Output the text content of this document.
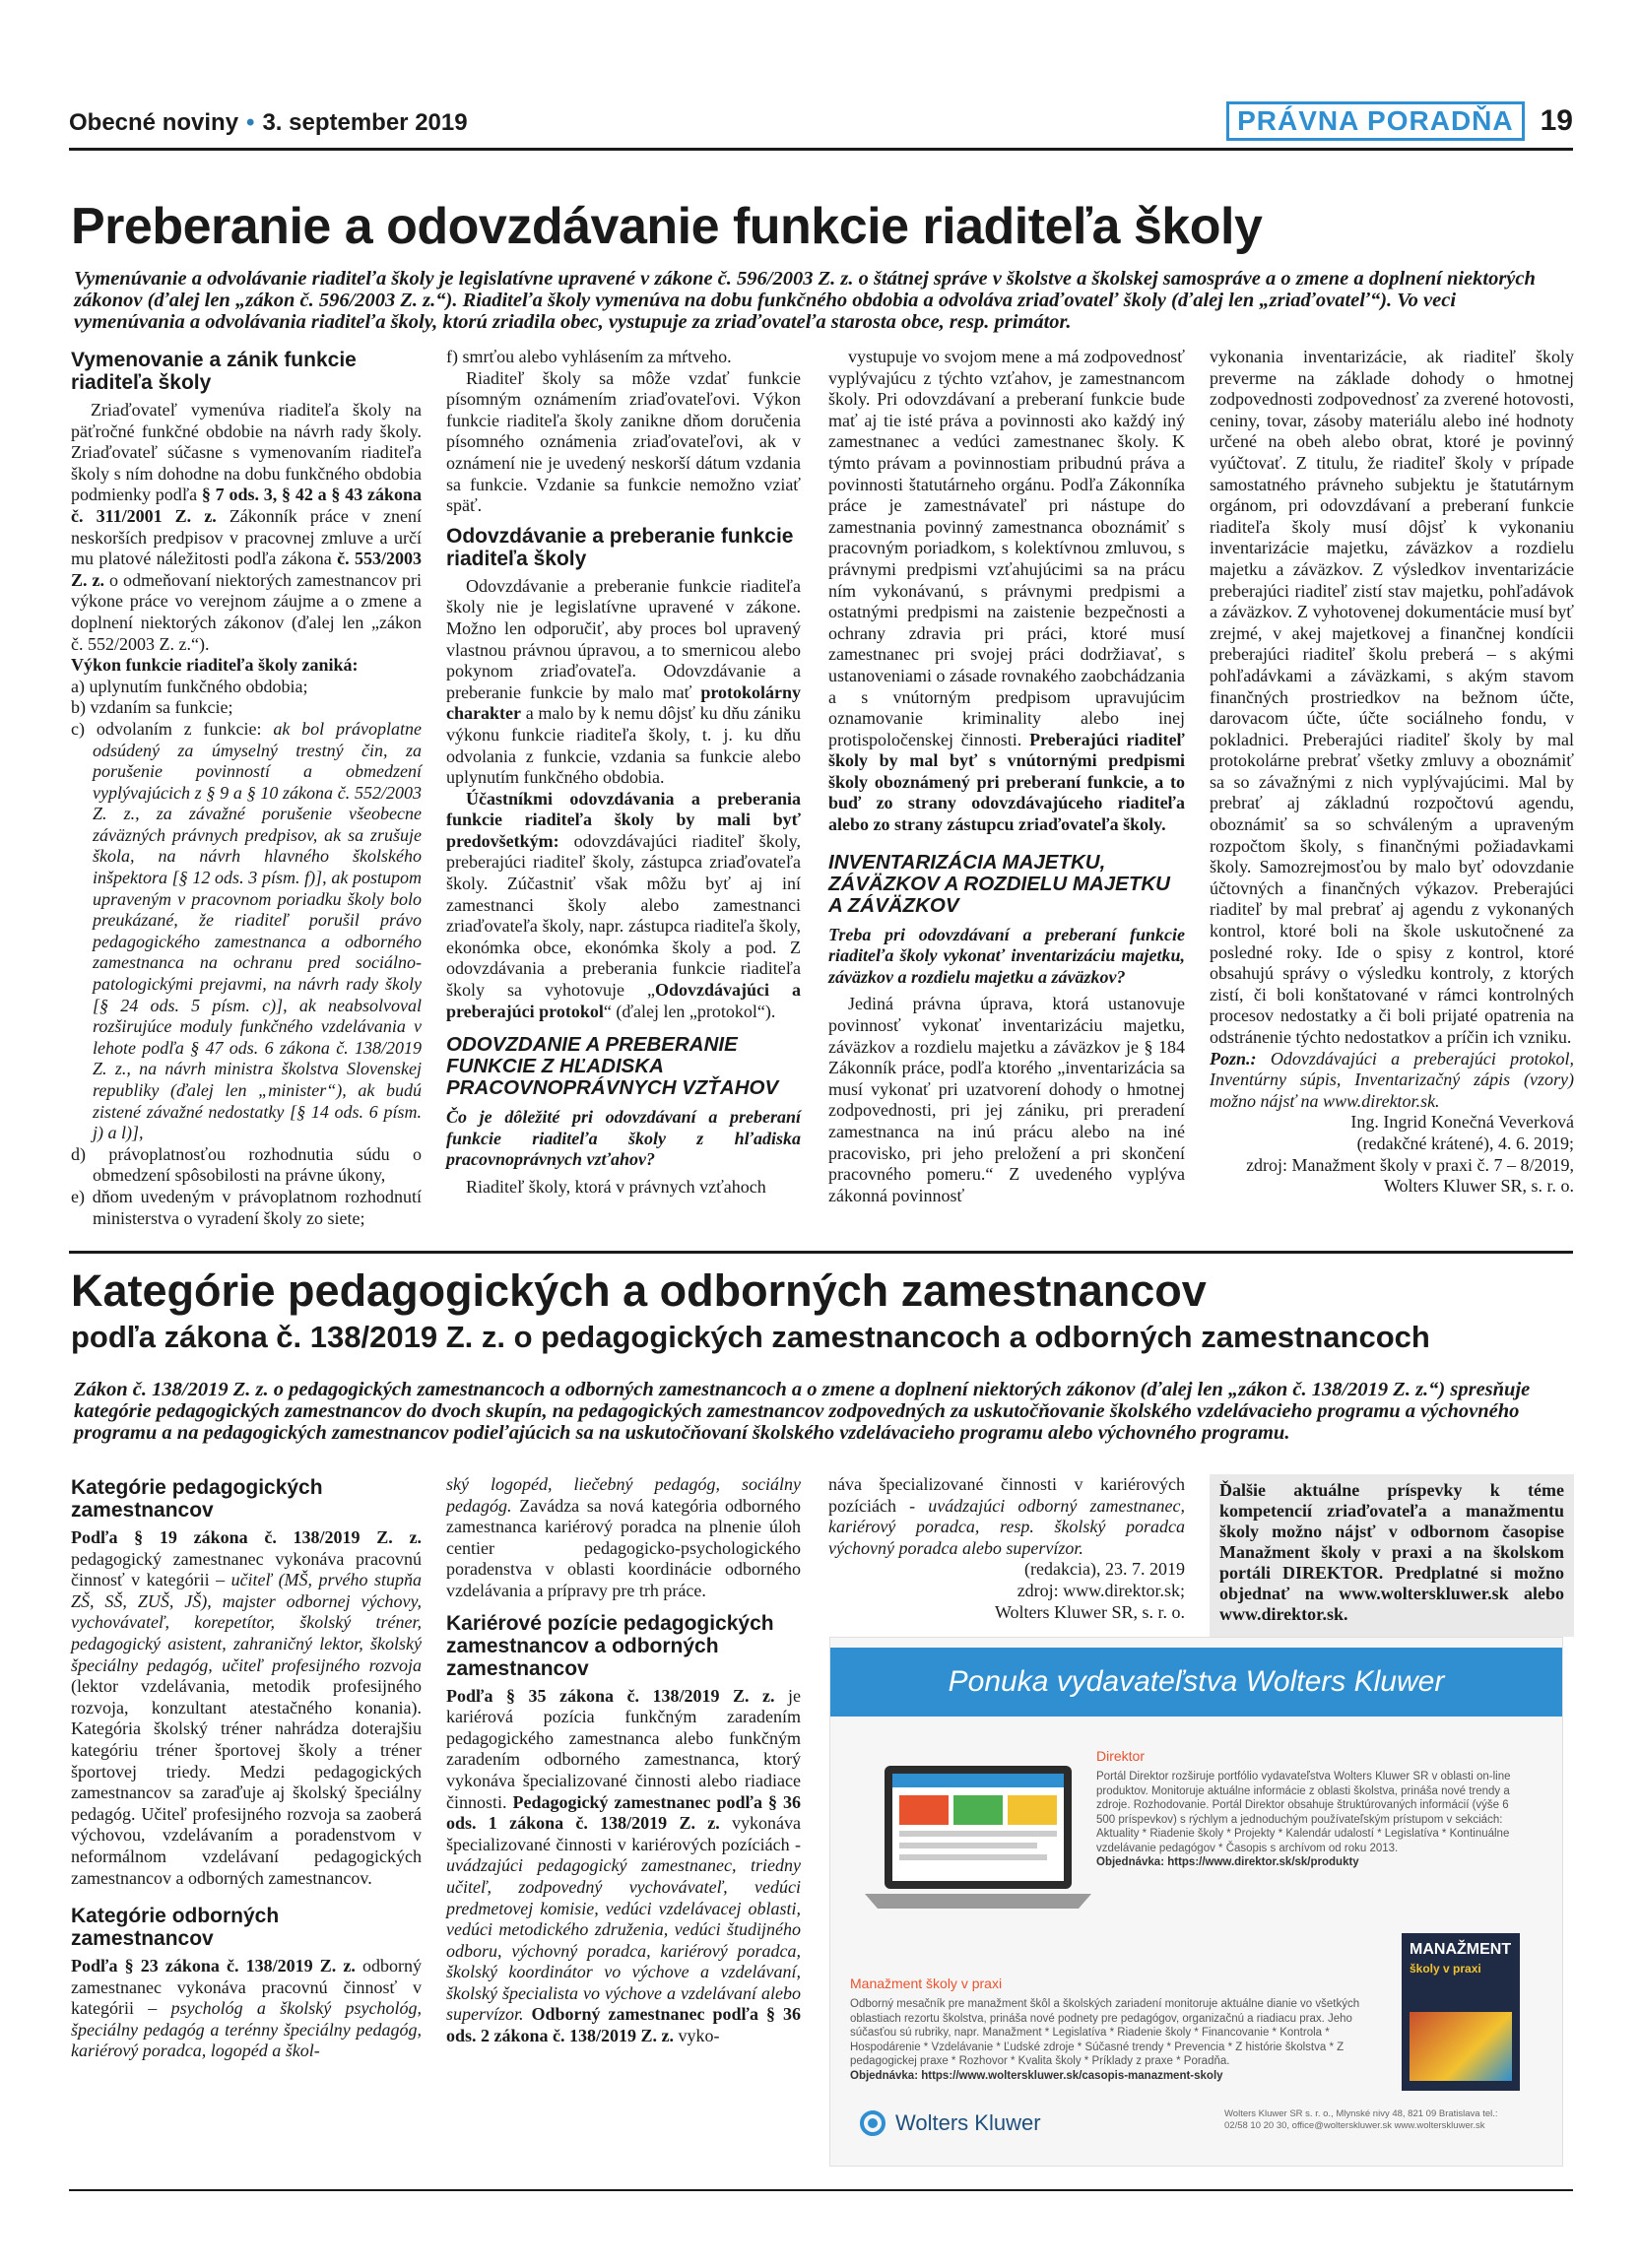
Obecné noviny • 3. september 2019	PRÁVNA PORADŇA 19
Preberanie a odovzdávanie funkcie riaditeľa školy

Vymenúvanie a odvolávanie riaditeľa školy je legislatívne upravené v zákone č. 596/2003 Z. z. o štátnej správe v školstve a školskej samospráve a o zmene a doplnení niektorých zákonov (ďalej len „zákon č. 596/2003 Z. z.“). Riaditeľa školy vymenúva na dobu funkčného obdobia a odvoláva zriaďovateľ školy (ďalej len „zriaďovateľ“). Vo veci vymenúvania a odvolávania riaditeľa školy, ktorú zriadila obec, vystupuje za zriaďovateľa starosta obce, resp. primátor.

Vymenovanie a zánik funkcie riaditeľa školy

Zriaďovateľ vymenúva riaditeľa školy na päťročné funkčné obdobie na návrh rady školy. Zriaďovateľ súčasne s vymenovaním riaditeľa školy s ním dohodne na dobu funkčného obdobia podmienky podľa § 7 ods. 3, § 42 a § 43 zákona č. 311/2001 Z. z. Zákonník práce v znení neskorších predpisov v pracovnej zmluve a určí mu platové náležitosti podľa zákona č. 553/2003 Z. z. o odmeňovaní niektorých zamestnancov pri výkone práce vo verejnom záujme a o zmene a doplnení niektorých zákonov (ďalej len „zákon č. 552/2003 Z. z.“).

Výkon funkcie riaditeľa školy zaniká:

a) uplynutím funkčného obdobia;
b) vzdaním sa funkcie;
c) odvolaním z funkcie: ak bol právoplatne odsúdený za úmyselný trestný čin, za porušenie povinností a obmedzení vyplývajúcich z § 9 a § 10 zákona č. 552/2003 Z. z., za závažné porušenie všeobecne záväzných právnych predpisov, ak sa zrušuje škola, na návrh hlavného školského inšpektora [§ 12 ods. 3 písm. f)], ak postupom upraveným v pracovnom poriadku školy bolo preukázané, že riaditeľ porušil právo pedagogického zamestnanca a odborného zamestnanca na ochranu pred sociálno-patologickými prejavmi, na návrh rady školy [§ 24 ods. 5 písm. c)], ak neabsolvoval rozširujúce moduly funkčného vzdelávania v lehote podľa § 47 ods. 6 zákona č. 138/2019 Z. z., na návrh ministra školstva Slovenskej republiky (ďalej len „minister“), ak budú zistené závažné nedostatky [§ 14 ods. 6 písm. j) a l)],
d) právoplatnosťou rozhodnutia súdu o obmedzení spôsobilosti na právne úkony,
e) dňom uvedeným v právoplatnom rozhodnutí ministerstva o vyradení školy zo siete;

f) smrťou alebo vyhlásením za mŕtveho.

Riaditeľ školy sa môže vzdať funkcie písomným oznámením zriaďovateľovi. Výkon funkcie riaditeľa školy zanikne dňom doručenia písomného oznámenia zriaďovateľovi, ak v oznámení nie je uvedený neskorší dátum vzdania sa funkcie. Vzdanie sa funkcie nemožno vziať späť.

Odovzdávanie a preberanie funkcie riaditeľa školy

Odovzdávanie a preberanie funkcie riaditeľa školy nie je legislatívne upravené v zákone. Možno len odporučiť, aby proces bol upravený vlastnou právnou úpravou, a to smernicou alebo pokynom zriaďovateľa. Odovzdávanie a preberanie funkcie by malo mať protokolárny charakter a malo by k nemu dôjsť ku dňu zániku výkonu funkcie riaditeľa školy, t. j. ku dňu odvolania z funkcie, vzdania sa funkcie alebo uplynutím funkčného obdobia.

Účastníkmi odovzdávania a preberania funkcie riaditeľa školy by mali byť predovšetkým: odovzdávajúci riaditeľ školy, preberajúci riaditeľ školy, zástupca zriaďovateľa školy. Zúčastniť však môžu byť aj iní zamestnanci školy alebo zamestnanci zriaďovateľa školy, napr. zástupca riaditeľa školy, ekonómka obce, ekonómka školy a pod. Z odovzdávania a preberania funkcie riaditeľa školy sa vyhotovuje „Odovzdávajúci a preberajúci protokol“ (ďalej len „protokol“).

ODOVZDANIE A PREBERANIE FUNKCIE Z HĽADISKA PRACOVNOPRÁVNYCH VZŤAHOV

Čo je dôležité pri odovzdávaní a preberaní funkcie riaditeľa školy z hľadiska pracovnoprávnych vzťahov?

Riaditeľ školy, ktorá v právnych vzťahoch

vystupuje vo svojom mene a má zodpovednosť vyplývajúcu z týchto vzťahov, je zamestnancom školy. Pri odovzdávaní a preberaní funkcie bude mať aj tie isté práva a povinnosti ako každý iný zamestnanec a vedúci zamestnanec školy. K týmto právam a povinnostiam pribudnú práva a povinnosti štatutárneho orgánu. Podľa Zákonníka práce je zamestnávateľ pri nástupe do zamestnania povinný zamestnanca oboznámiť s pracovným poriadkom, s kolektívnou zmluvou, s právnymi predpismi vzťahujúcimi sa na prácu ním vykonávanú, s právnymi predpismi a ostatnými predpismi na zaistenie bezpečnosti a ochrany zdravia pri práci, ktoré musí zamestnanec pri svojej práci dodržiavať, s ustanoveniami o zásade rovnakého zaobchádzania a s vnútorným predpisom upravujúcim oznamovanie kriminality alebo inej protispoločenskej činnosti. Preberajúci riaditeľ školy by mal byť s vnútornými predpismi školy oboznámený pri preberaní funkcie, a to buď zo strany odovzdávajúceho riaditeľa alebo zo strany zástupcu zriaďovateľa školy.

INVENTARIZÁCIA MAJETKU, ZÁVÄZKOV A ROZDIELU MAJETKU A ZÁVÄZKOV

Treba pri odovzdávaní a preberaní funkcie riaditeľa školy vykonať inventarizáciu majetku, záväzkov a rozdielu majetku a záväzkov?

Jediná právna úprava, ktorá ustanovuje povinnosť vykonať inventarizáciu majetku, záväzkov a rozdielu majetku a záväzkov je § 184 Zákonník práce, podľa ktorého „inventarizácia sa musí vykonať pri uzatvorení dohody o hmotnej zodpovednosti, pri jej zániku, pri preradení zamestnanca na inú prácu alebo na iné pracovisko, pri jeho preložení a pri skončení pracovného pomeru.“ Z uvedeného vyplýva zákonná povinnosť

vykonania inventarizácie, ak riaditeľ školy preverme na základe dohody o hmotnej zodpovednosti zodpovednosť za zverené hotovosti, ceniny, tovar, zásoby materiálu alebo iné hodnoty určené na obeh alebo obrat, ktoré je povinný vyúčtovať. Z titulu, že riaditeľ školy v prípade samostatného právneho subjektu je štatutárnym orgánom, pri odovzdávaní a preberaní funkcie riaditeľa školy musí dôjsť k vykonaniu inventarizácie majetku, záväzkov a rozdielu majetku a záväzkov. Z výsledkov inventarizácie preberajúci riaditeľ zistí stav majetku, pohľadávok a záväzkov. Z vyhotovenej dokumentácie musí byť zrejmé, v akej majetkovej a finančnej kondícii preberajúci riaditeľ školu preberá – s akými pohľadávkami a záväzkami, s akým stavom finančných prostriedkov na bežnom účte, darovacom účte, účte sociálneho fondu, v pokladnici. Preberajúci riaditeľ školy by mal protokolárne prebrať všetky zmluvy a oboznámiť sa so závažnými z nich vyplývajúcimi. Mal by prebrať aj základnú rozpočtovú agendu, oboznámiť sa so schváleným a upraveným rozpočtom školy, s finančnými požiadavkami školy. Samozrejmosťou by malo byť odovzdanie účtovných a finančných výkazov. Preberajúci riaditeľ by mal prebrať aj agendu z vykonaných kontrol, ktoré boli na škole uskutočnené za posledné roky. Ide o spisy z kontrol, ktoré obsahujú správy o výsledku kontroly, z ktorých zistí, či boli konštatované v rámci kontrolných procesov nedostatky a či boli prijaté opatrenia na odstránenie týchto nedostatkov a príčin ich vzniku.

Pozn.: Odovzdávajúci a preberajúci protokol, Inventúrny súpis, Inventarizačný zápis (vzory) možno nájsť na www.direktor.sk.

Ing. Ingrid Konečná Veverková

(redakčné krátené), 4. 6. 2019;

zdroj: Manažment školy v praxi č. 7 – 8/2019,

Wolters Kluwer SR, s. r. o.

Kategórie pedagogických a odborných zamestnancov
podľa zákona č. 138/2019 Z. z. o pedagogických zamestnancoch a odborných zamestnancoch

Zákon č. 138/2019 Z. z. o pedagogických zamestnancoch a odborných zamestnancoch a o zmene a doplnení niektorých zákonov (ďalej len „zákon č. 138/2019 Z. z.“) spresňuje kategórie pedagogických zamestnancov do dvoch skupín, na pedagogických zamestnancov zodpovedných za uskutočňovanie školského vzdelávacieho programu a výchovného programu a na pedagogických zamestnancov podieľajúcich sa na uskutočňovaní školského vzdelávacieho programu alebo výchovného programu.

Kategórie pedagogických zamestnancov

Podľa § 19 zákona č. 138/2019 Z. z. pedagogický zamestnanec vykonáva pracovnú činnosť v kategórii – učiteľ (MŠ, prvého stupňa ZŠ, SŠ, ZUŠ, JŠ), majster odbornej výchovy, vychovávateľ, korepetítor, školský tréner, pedagogický asistent, zahraničný lektor, školský špeciálny pedagóg, učiteľ profesijného rozvoja (lektor vzdelávania, metodik profesijného rozvoja, konzultant atestačného konania). Kategória školský tréner nahrádza doterajšiu kategóriu tréner športovej školy a tréner športovej triedy. Medzi pedagogických zamestnancov sa zaraďuje aj školský špeciálny pedagóg. Učiteľ profesijného rozvoja sa zaoberá výchovou, vzdelávaním a poradenstvom v neformálnom vzdelávaní pedagogických zamestnancov a odborných zamestnancov.

Kategórie odborných zamestnancov

Podľa § 23 zákona č. 138/2019 Z. z. odborný zamestnanec vykonáva pracovnú činnosť v kategórii – psychológ a školský psychológ, špeciálny pedagóg a terénny špeciálny pedagóg, kariérový poradca, logopéd a škol-

ský logopéd, liečebný pedagóg, sociálny pedagóg. Zavádza sa nová kategória odborného zamestnanca kariérový poradca na plnenie úloh centier pedagogicko-psychologického poradenstva v oblasti koordinácie odborného vzdelávania a prípravy pre trh práce.

Kariérové pozície pedagogických zamestnancov a odborných zamestnancov

Podľa § 35 zákona č. 138/2019 Z. z. je kariérová pozícia funkčným zaradením pedagogického zamestnanca alebo funkčným zaradením odborného zamestnanca, ktorý vykonáva špecializované činnosti alebo riadiace činnosti. Pedagogický zamestnanec podľa § 36 ods. 1 zákona č. 138/2019 Z. z. vykonáva špecializované činnosti v kariérových pozíciách - uvádzajúci pedagogický zamestnanec, triedny učiteľ, zodpovedný vychovávateľ, vedúci predmetovej komisie, vedúci vzdelávacej oblasti, vedúci metodického združenia, vedúci študijného odboru, výchovný poradca, kariérový poradca, školský koordinátor vo výchove a vzdelávaní, školský špecialista vo výchove a vzdelávaní alebo supervízor. Odborný zamestnanec podľa § 36 ods. 2 zákona č. 138/2019 Z. z. vyko-

náva špecializované činnosti v kariérových pozíciách - uvádzajúci odborný zamestnanec, kariérový poradca, resp. školský poradca výchovný poradca alebo supervízor.

(redakcia), 23. 7. 2019

zdroj: www.direktor.sk;

Wolters Kluwer SR, s. r. o.

Ďalšie aktuálne príspevky k téme kompetencií zriaďovateľa a manažmentu školy možno nájsť v odbornom časopise Manažment školy v praxi a na školskom portáli DIREKTOR. Predplatné si možno objednať na www.wolterskluwer.sk alebo www.direktor.sk.
Ponuka vydavateľstva Wolters Kluwer
Direktor
Portál Direktor rozširuje portfólio vydavateľstva Wolters Kluwer SR v oblasti on-line produktov. Monitoruje aktuálne informácie z oblasti školstva, prináša nové trendy a zdroje. Rozhodovanie. Portál Direktor obsahuje štruktúrovaných informácií (výše 6 500 príspevkov) s rýchlym a jednoduchým používateľským prístupom v sekciách: Aktuality * Riadenie školy * Projekty * Kalendár udalostí * Legislatíva * Kontinuálne vzdelávanie pedagógov * Časopis s archívom od roku 2013.
Objednávka: https://www.direktor.sk/sk/produkty
Manažment školy v praxi
Odborný mesačník pre manažment škôl a školských zariadení monitoruje aktuálne dianie vo všetkých oblastiach rezortu školstva, prináša nové podnety pre pedagógov, organizačnú a riadiacu prax. Jeho súčasťou sú rubriky, napr. Manažment * Legislatíva * Riadenie školy * Financovanie * Kontrola * Hospodárenie * Vzdelávanie * Ľudské zdroje * Súčasné trendy * Prevencia * Z histórie školstva * Z pedagogickej praxe * Rozhovor * Kvalita školy * Príklady z praxe * Poradňa.
Objednávka: https://www.wolterskluwer.sk/casopis-manazment-skoly
MANAŽMENT
školy v praxi
Wolters Kluwer	Wolters Kluwer SR s. r. o., Mlynské nivy 48, 821 09 Bratislava tel.: 02/58 10 20 30, office@wolterskluwer.sk www.wolterskluwer.sk
